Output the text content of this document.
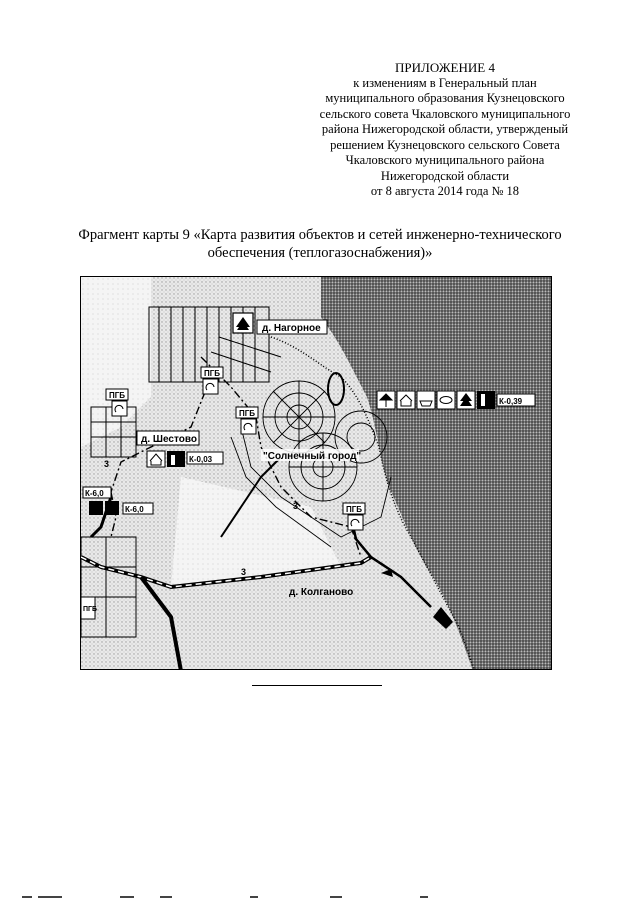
ПРИЛОЖЕНИЕ 4
к изменениям в Генеральный план
муниципального образования Кузнецовского
сельского совета Чкаловского муниципального
района Нижегородской области, утвержденый
решением Кузнецовского сельского Совета
Чкаловского муниципального района
Нижегородской области
от 8 августа 2014 года № 18
Фрагмент карты 9 «Карта развития объектов и сетей инженерно-технического
обеспечения (теплогазоснабжения)»
3
3
3
д. Нагорное
ПГБ
ПГБ
ПГБ
ПГБ
ПГБ
д. Шестово
К-0,03
К-6,0
К-6,0
К-0,39
"Солнечный город"
д. Колганово
